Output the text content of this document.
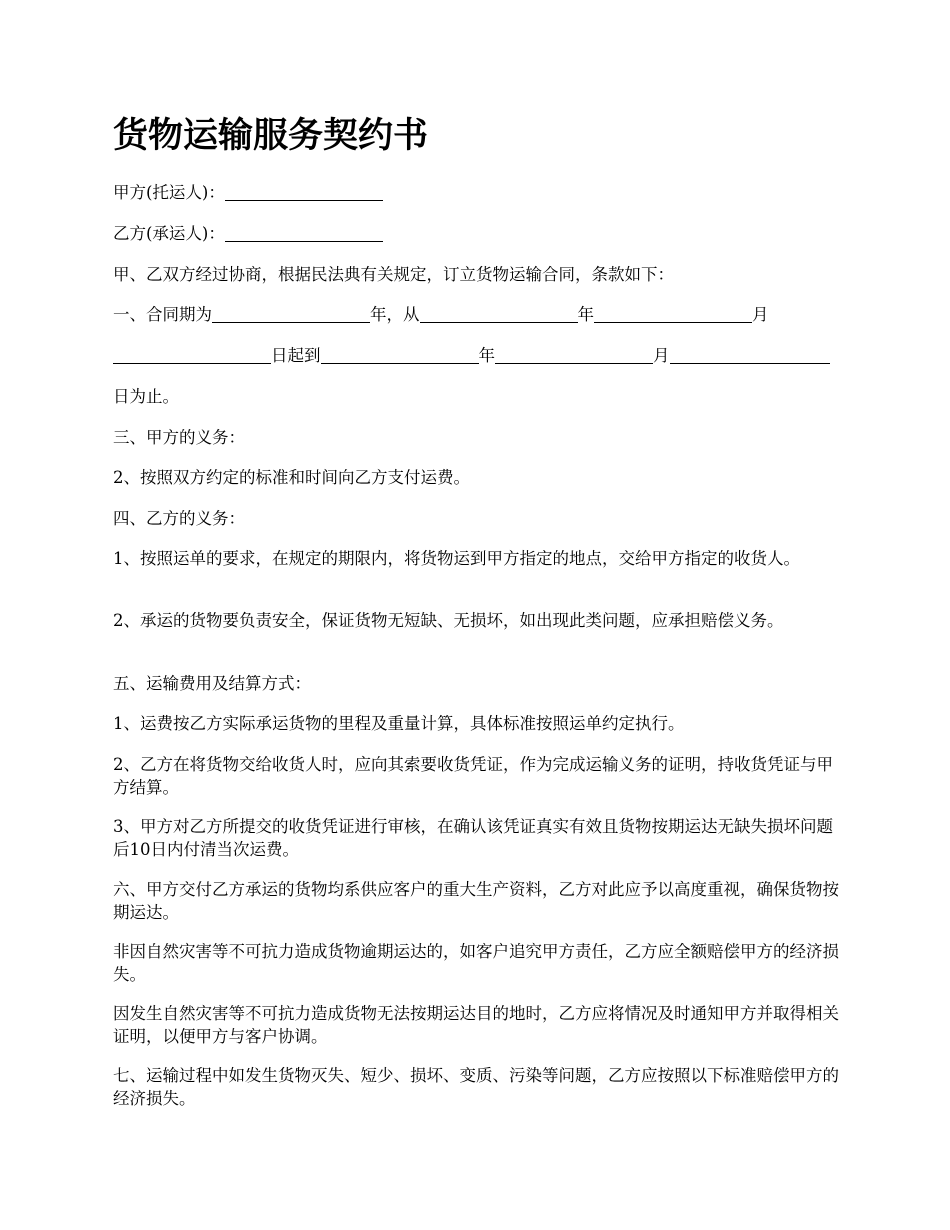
货物运输服务契约书

甲方(托运人)：

乙方(承运人)：

甲、乙双方经过协商，根据民法典有关规定，订立货物运输合同，条款如下：

一、合同期为	年，从	年	月

日起到	年	月

日为止。

三、甲方的义务：

2、按照双方约定的标准和时间向乙方支付运费。

四、乙方的义务：

1、按照运单的要求，在规定的期限内，将货物运到甲方指定的地点，交给甲方指定的收货人。

2、承运的货物要负责安全，保证货物无短缺、无损坏，如出现此类问题，应承担赔偿义务。

五、运输费用及结算方式：

1、运费按乙方实际承运货物的里程及重量计算，具体标准按照运单约定执行。

2、乙方在将货物交给收货人时，应向其索要收货凭证，作为完成运输义务的证明，持收货凭证与甲方结算。

3、甲方对乙方所提交的收货凭证进行审核，在确认该凭证真实有效且货物按期运达无缺失损坏问题后10日内付清当次运费。

六、甲方交付乙方承运的货物均系供应客户的重大生产资料，乙方对此应予以高度重视，确保货物按期运达。

非因自然灾害等不可抗力造成货物逾期运达的，如客户追究甲方责任，乙方应全额赔偿甲方的经济损失。

因发生自然灾害等不可抗力造成货物无法按期运达目的地时，乙方应将情况及时通知甲方并取得相关证明，以便甲方与客户协调。

七、运输过程中如发生货物灭失、短少、损坏、变质、污染等问题，乙方应按照以下标准赔偿甲方的经济损失。
